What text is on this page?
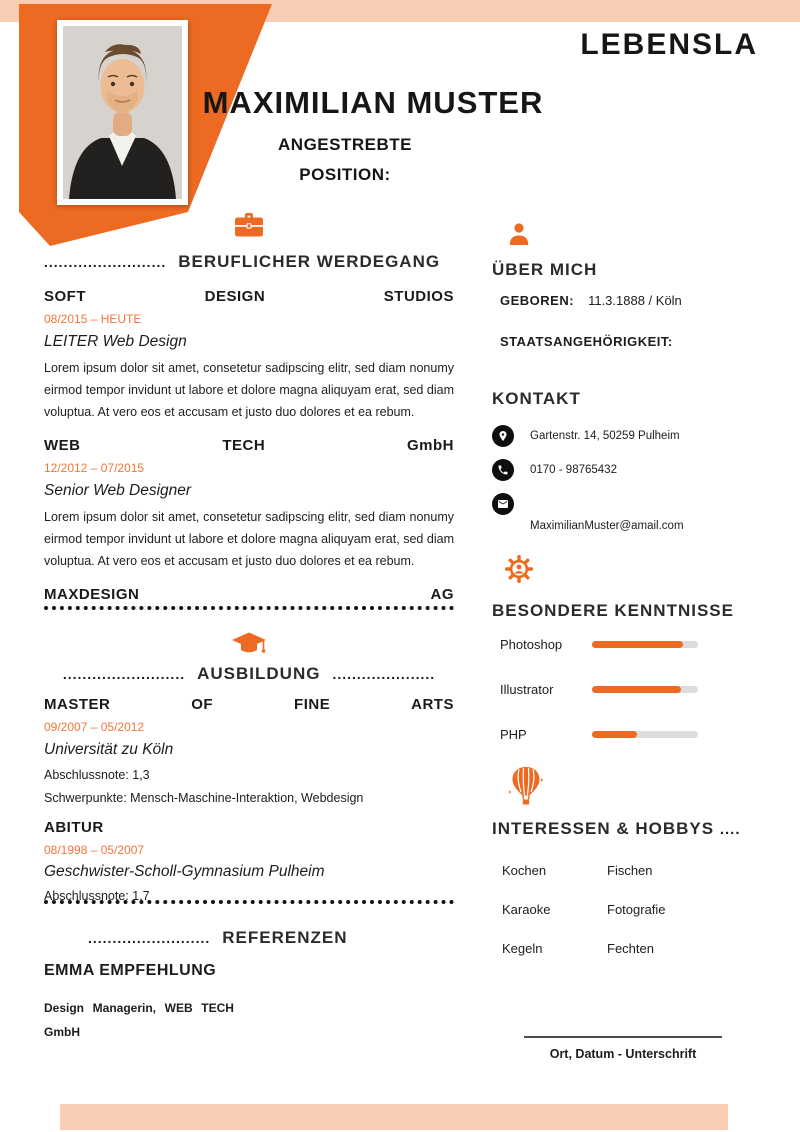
LEBENSLA
MAXIMILIAN MUSTER
ANGESTREBTE
POSITION:
......................... BERUFLICHER WERDEGANG
SOFT	DESIGN	STUDIOS
08/2015 – HEUTE
LEITER Web Design
Lorem ipsum dolor sit amet, consetetur sadipscing elitr, sed diam nonumy eirmod tempor invidunt ut labore et dolore magna aliquyam erat, sed diam voluptua. At vero eos et accusam et justo duo dolores et ea rebum.
WEB	TECH	GmbH
12/2012 – 07/2015
Senior Web Designer
Lorem ipsum dolor sit amet, consetetur sadipscing elitr, sed diam nonumy eirmod tempor invidunt ut labore et dolore magna aliquyam erat, sed diam voluptua. At vero eos et accusam et justo duo dolores et ea rebum.
MAXDESIGN	AG
......................... AUSBILDUNG .....................
MASTER	OF	FINE	ARTS
09/2007 – 05/2012
Universität zu Köln
Abschlussnote: 1,3
Schwerpunkte: Mensch-Maschine-Interaktion, Webdesign
ABITUR
08/1998 – 05/2007
Geschwister-Scholl-Gymnasium Pulheim
Abschlussnote: 1,7
......................... REFERENZEN
EMMA EMPFEHLUNG
Design Managerin, WEB TECH
GmbH
ÜBER MICH
GEBOREN: 11.3.1888 / Köln
STAATSANGEHÖRIGKEIT:
KONTAKT
Gartenstr. 14, 50259 Pulheim
0170 - 98765432
MaximilianMuster@amail.com
BESONDERE KENNTNISSE
Photoshop
Illustrator
PHP
INTERESSEN & HOBBYS ....
Kochen	Fischen
Karaoke	Fotografie
Kegeln	Fechten
Ort, Datum - Unterschrift
